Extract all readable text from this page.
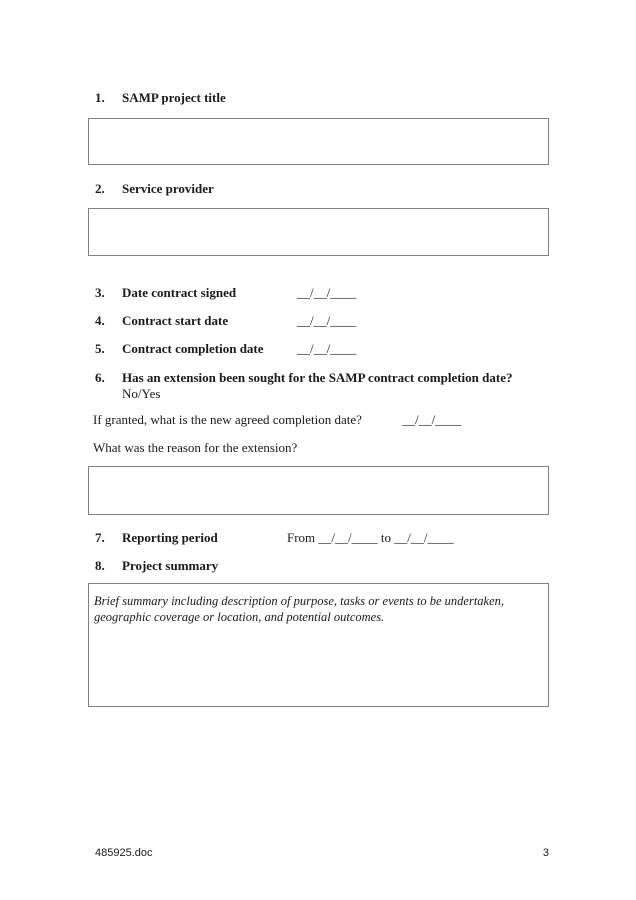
1.	SAMP project title
2.	Service provider
3.	Date contract signed	__/__/____
4.	Contract start date	__/__/____
5.	Contract completion date	__/__/____
6.	Has an extension been sought for the SAMP contract completion date?
No/Yes
If granted, what is the new agreed completion date?	__/__/____
What was the reason for the extension?
7.	Reporting period	From __/__/____ to __/__/____
8.	Project summary
Brief summary including description of purpose, tasks or events to be undertaken, geographic coverage or location, and potential outcomes.
485925.doc	3
